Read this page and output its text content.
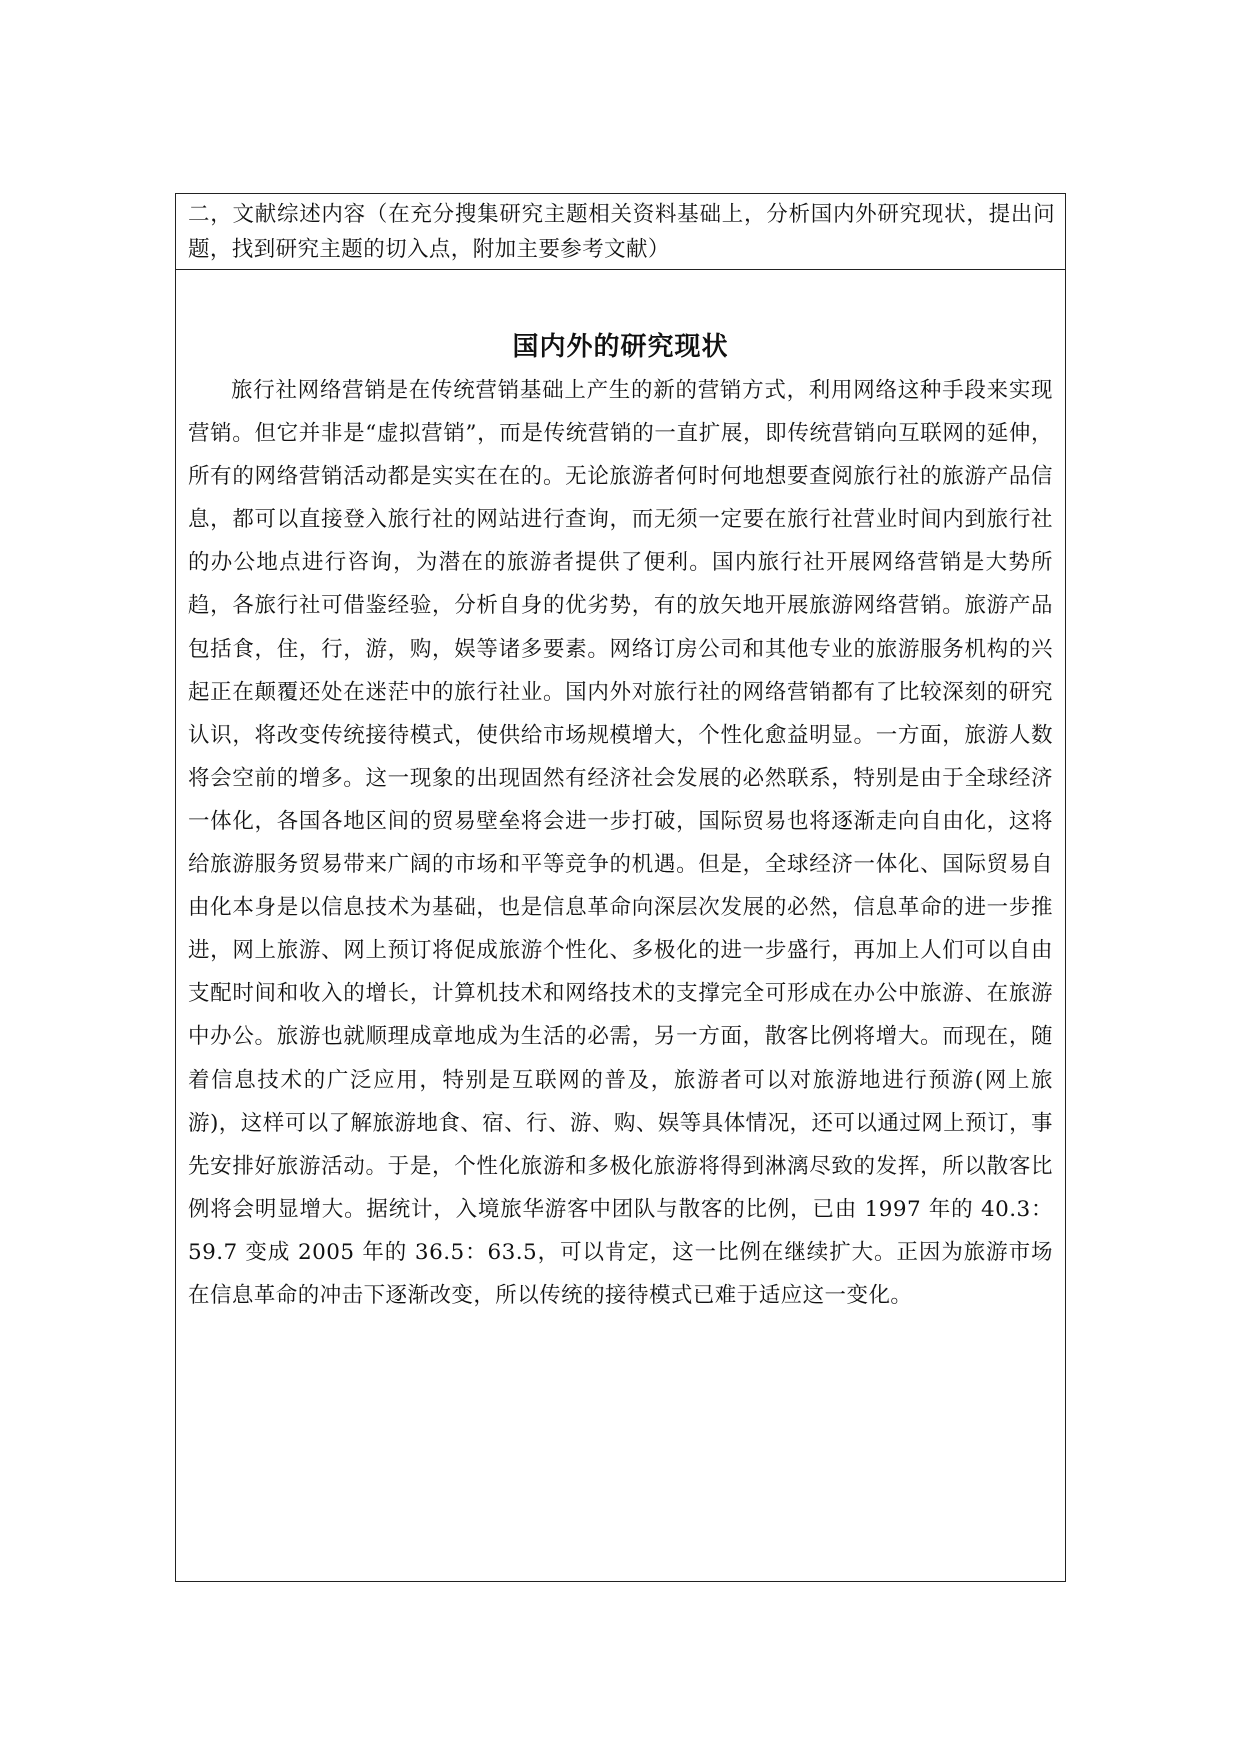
二，文献综述内容（在充分搜集研究主题相关资料基础上，分析国内外研究现状，提出问题，找到研究主题的切入点，附加主要参考文献）
国内外的研究现状

旅行社网络营销是在传统营销基础上产生的新的营销方式，利用网络这种手段来实现营销。但它并非是“虚拟营销”，而是传统营销的一直扩展，即传统营销向互联网的延伸，所有的网络营销活动都是实实在在的。无论旅游者何时何地想要查阅旅行社的旅游产品信息，都可以直接登入旅行社的网站进行查询，而无须一定要在旅行社营业时间内到旅行社的办公地点进行咨询，为潜在的旅游者提供了便利。国内旅行社开展网络营销是大势所趋，各旅行社可借鉴经验，分析自身的优劣势，有的放矢地开展旅游网络营销。旅游产品包括食，住，行，游，购，娱等诸多要素。网络订房公司和其他专业的旅游服务机构的兴起正在颠覆还处在迷茫中的旅行社业。国内外对旅行社的网络营销都有了比较深刻的研究认识，将改变传统接待模式，使供给市场规模增大，个性化愈益明显。一方面，旅游人数将会空前的增多。这一现象的出现固然有经济社会发展的必然联系，特别是由于全球经济一体化，各国各地区间的贸易壁垒将会进一步打破，国际贸易也将逐渐走向自由化，这将给旅游服务贸易带来广阔的市场和平等竞争的机遇。但是，全球经济一体化、国际贸易自由化本身是以信息技术为基础，也是信息革命向深层次发展的必然，信息革命的进一步推进，网上旅游、网上预订将促成旅游个性化、多极化的进一步盛行，再加上人们可以自由支配时间和收入的增长，计算机技术和网络技术的支撑完全可形成在办公中旅游、在旅游中办公。旅游也就顺理成章地成为生活的必需，另一方面，散客比例将增大。而现在，随着信息技术的广泛应用，特别是互联网的普及，旅游者可以对旅游地进行预游(网上旅游)，这样可以了解旅游地食、宿、行、游、购、娱等具体情况，还可以通过网上预订，事先安排好旅游活动。于是，个性化旅游和多极化旅游将得到淋漓尽致的发挥，所以散客比例将会明显增大。据统计，入境旅华游客中团队与散客的比例，已由 1997 年的 40.3：59.7 变成 2005 年的 36.5：63.5，可以肯定，这一比例在继续扩大。正因为旅游市场在信息革命的冲击下逐渐改变，所以传统的接待模式已难于适应这一变化。
